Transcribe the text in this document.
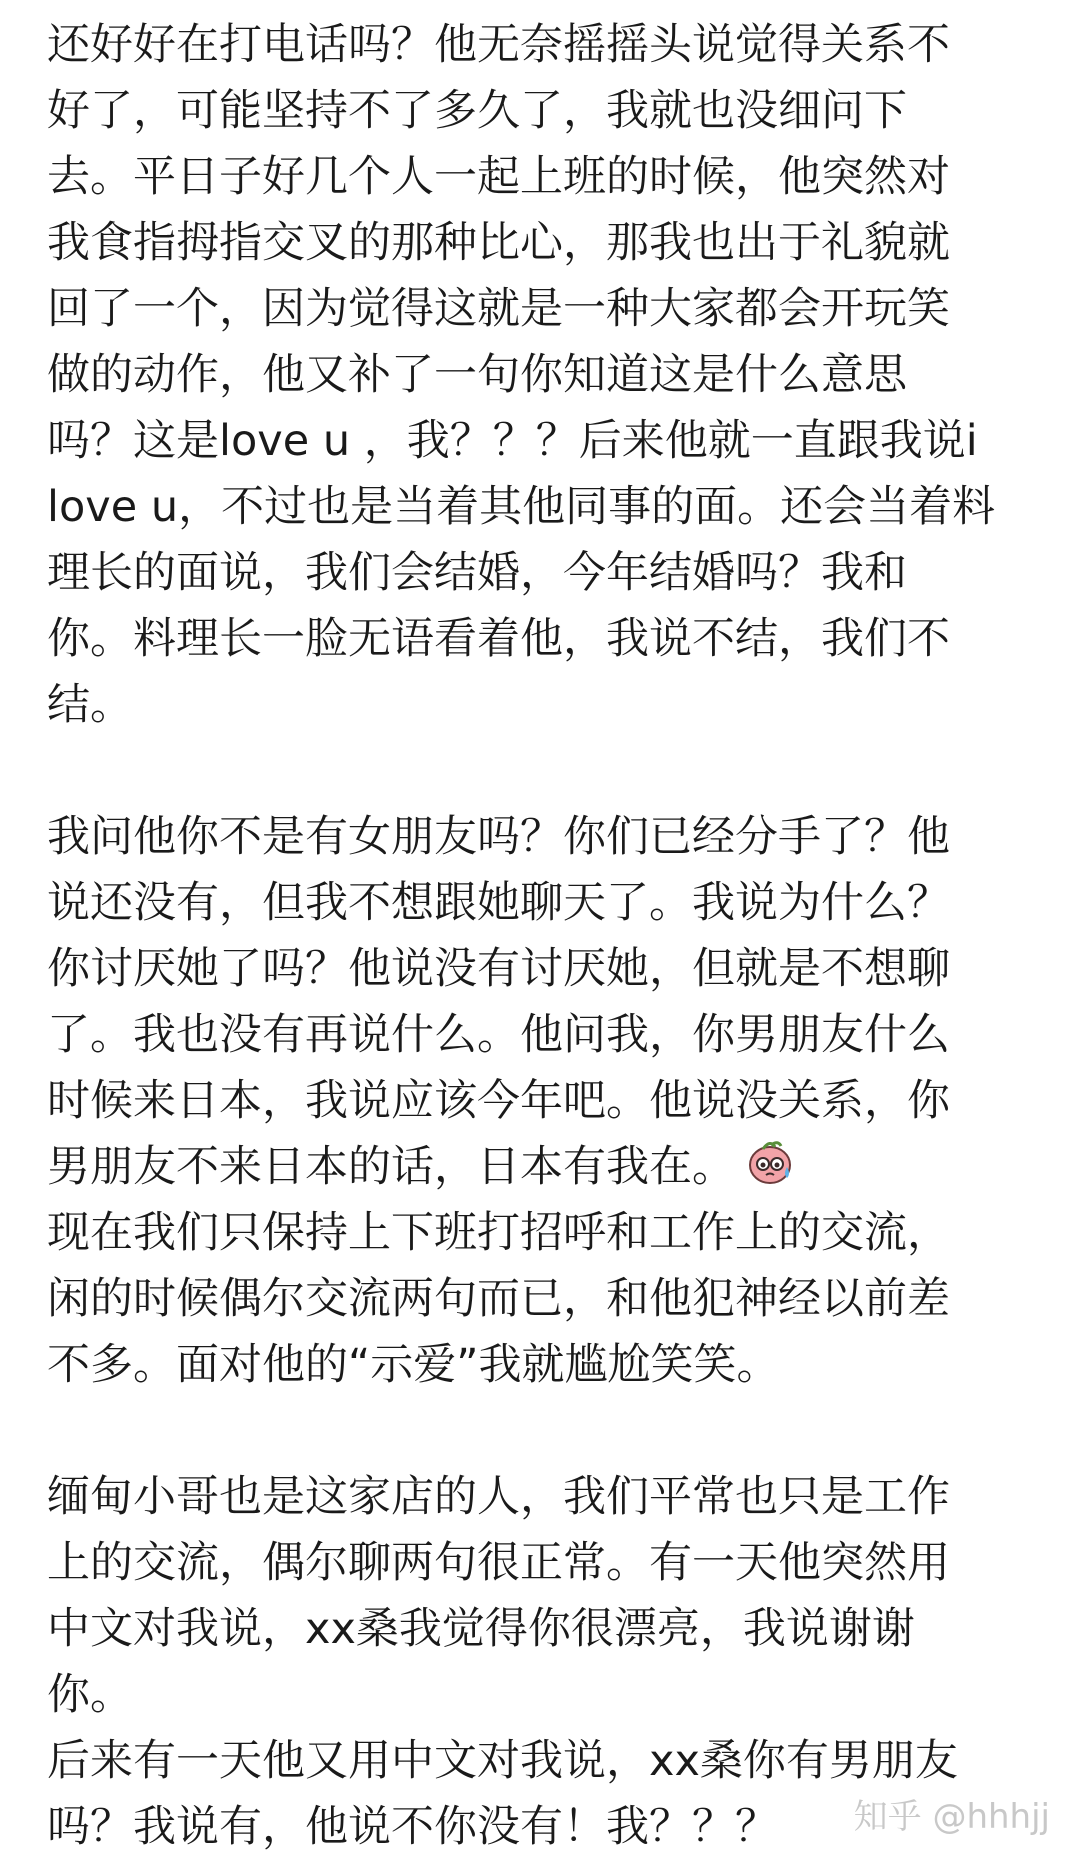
还好好在打电话吗？他无奈摇摇头说觉得关系不
好了，可能坚持不了多久了，我就也没细问下
去。平日子好几个人一起上班的时候，他突然对
我食指拇指交叉的那种比心，那我也出于礼貌就
回了一个，因为觉得这就是一种大家都会开玩笑
做的动作，他又补了一句你知道这是什么意思
吗？这是love u ，我？？？后来他就一直跟我说i
love u，不过也是当着其他同事的面。还会当着料
理长的面说，我们会结婚，今年结婚吗？我和
你。料理长一脸无语看着他，我说不结，我们不
结。
我问他你不是有女朋友吗？你们已经分手了？他
说还没有，但我不想跟她聊天了。我说为什么？
你讨厌她了吗？他说没有讨厌她，但就是不想聊
了。我也没有再说什么。他问我，你男朋友什么
时候来日本，我说应该今年吧。他说没关系，你
男朋友不来日本的话，日本有我在。
现在我们只保持上下班打招呼和工作上的交流，
闲的时候偶尔交流两句而已，和他犯神经以前差
不多。面对他的“示爱”我就尴尬笑笑。
缅甸小哥也是这家店的人，我们平常也只是工作
上的交流，偶尔聊两句很正常。有一天他突然用
中文对我说，xx桑我觉得你很漂亮，我说谢谢
你。
后来有一天他又用中文对我说，xx桑你有男朋友
吗？我说有，他说不你没有！我？？？	知乎 @hhhjj
